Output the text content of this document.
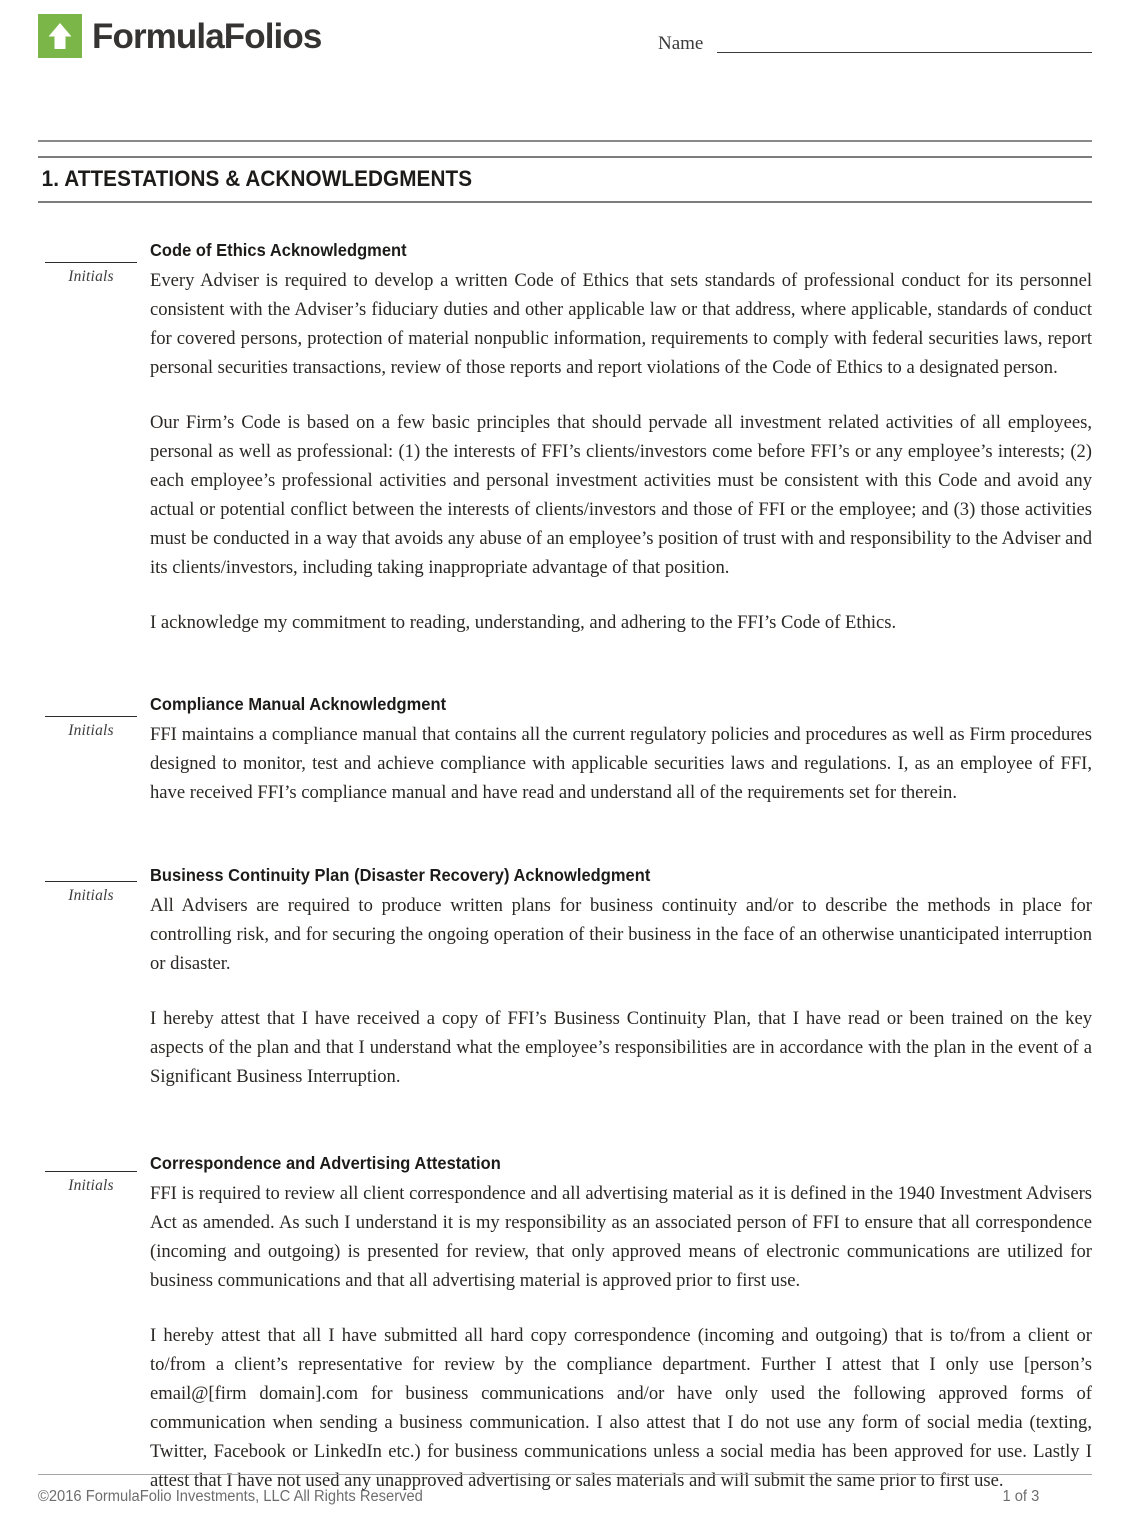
FormulaFolios	Name
1. ATTESTATIONS & ACKNOWLEDGMENTS
Initials
Code of Ethics Acknowledgment

Every Adviser is required to develop a written Code of Ethics that sets standards of professional conduct for its personnel consistent with the Adviser’s fiduciary duties and other applicable law or that address, where applicable, standards of conduct for covered persons, protection of material nonpublic information, requirements to comply with federal securities laws, report personal securities transactions, review of those reports and report violations of the Code of Ethics to a designated person.

Our Firm’s Code is based on a few basic principles that should pervade all investment related activities of all employees, personal as well as professional: (1) the interests of FFI’s clients/investors come before FFI’s or any employee’s interests; (2) each employee’s professional activities and personal investment activities must be consistent with this Code and avoid any actual or potential conflict between the interests of clients/investors and those of FFI or the employee; and (3) those activities must be conducted in a way that avoids any abuse of an employee’s position of trust with and responsibility to the Adviser and its clients/investors, including taking inappropriate advantage of that position.

I acknowledge my commitment to reading, understanding, and adhering to the FFI’s Code of Ethics.

Initials
Compliance Manual Acknowledgment

FFI maintains a compliance manual that contains all the current regulatory policies and procedures as well as Firm procedures designed to monitor, test and achieve compliance with applicable securities laws and regulations. I, as an employee of FFI, have received FFI’s compliance manual and have read and understand all of the requirements set for therein.

Initials
Business Continuity Plan (Disaster Recovery) Acknowledgment

All Advisers are required to produce written plans for business continuity and/or to describe the methods in place for controlling risk, and for securing the ongoing operation of their business in the face of an otherwise unanticipated interruption or disaster.

I hereby attest that I have received a copy of FFI’s Business Continuity Plan, that I have read or been trained on the key aspects of the plan and that I understand what the employee’s responsibilities are in accordance with the plan in the event of a Significant Business Interruption.

Initials
Correspondence and Advertising Attestation

FFI is required to review all client correspondence and all advertising material as it is defined in the 1940 Investment Advisers Act as amended. As such I understand it is my responsibility as an associated person of FFI to ensure that all correspondence (incoming and outgoing) is presented for review, that only approved means of electronic communications are utilized for business communications and that all advertising material is approved prior to first use.

I hereby attest that all I have submitted all hard copy correspondence (incoming and outgoing) that is to/from a client or to/from a client’s representative for review by the compliance department. Further I attest that I only use [person’s email@[firm domain].com for business communications and/or have only used the following approved forms of communication when sending a business communication. I also attest that I do not use any form of social media (texting, Twitter, Facebook or LinkedIn etc.) for business communications unless a social media has been approved for use. Lastly I attest that I have not used any unapproved advertising or sales materials and will submit the same prior to first use.

©2016 FormulaFolio Investments, LLC All Rights Reserved	1 of 3
